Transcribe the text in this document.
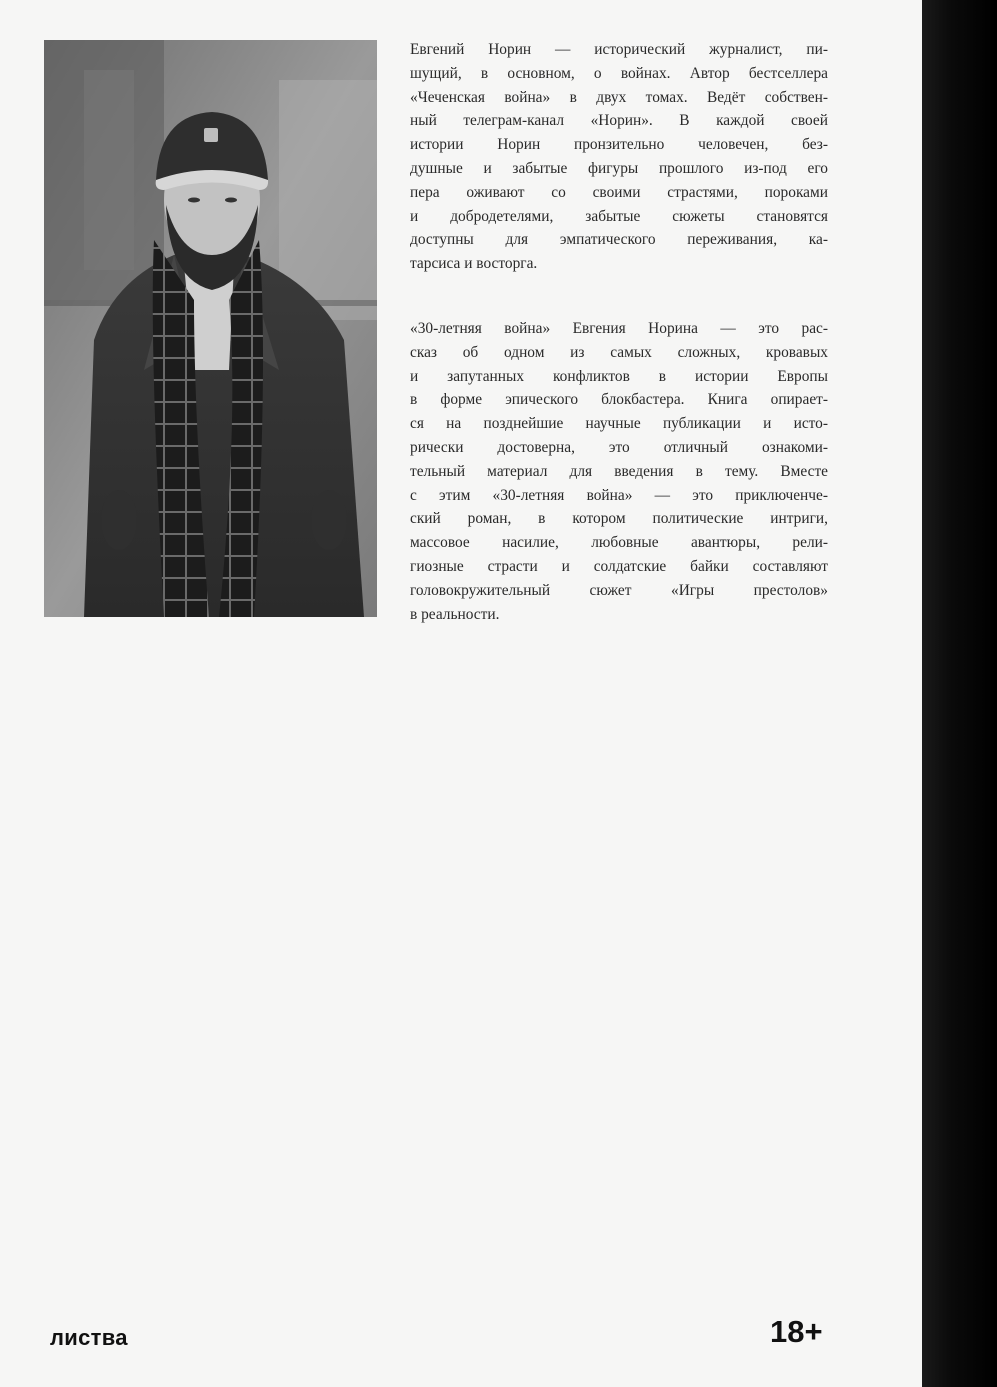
Евгений Норин — исторический журналист, пи-
шущий, в основном, о войнах. Автор бестселлера
«Чеченская война» в двух томах. Ведёт собствен-
ный телеграм-канал «Норин». В каждой своей
истории Норин пронзительно человечен, без-
душные и забытые фигуры прошлого из-под его
пера оживают со своими страстями, пороками
и добродетелями, забытые сюжеты становятся
доступны для эмпатического переживания, ка-
тарсиса и восторга.
«30-летняя война» Евгения Норина — это рас-
сказ об одном из самых сложных, кровавых
и запутанных конфликтов в истории Европы
в форме эпического блокбастера. Книга опирает-
ся на позднейшие научные публикации и исто-
рически достоверна, это отличный ознакоми-
тельный материал для введения в тему. Вместе
с этим «30-летняя война» — это приключенче-
ский роман, в котором политические интриги,
массовое насилие, любовные авантюры, рели-
гиозные страсти и солдатские байки составляют
головокружительный сюжет «Игры престолов»
в реальности.
листва	18+
